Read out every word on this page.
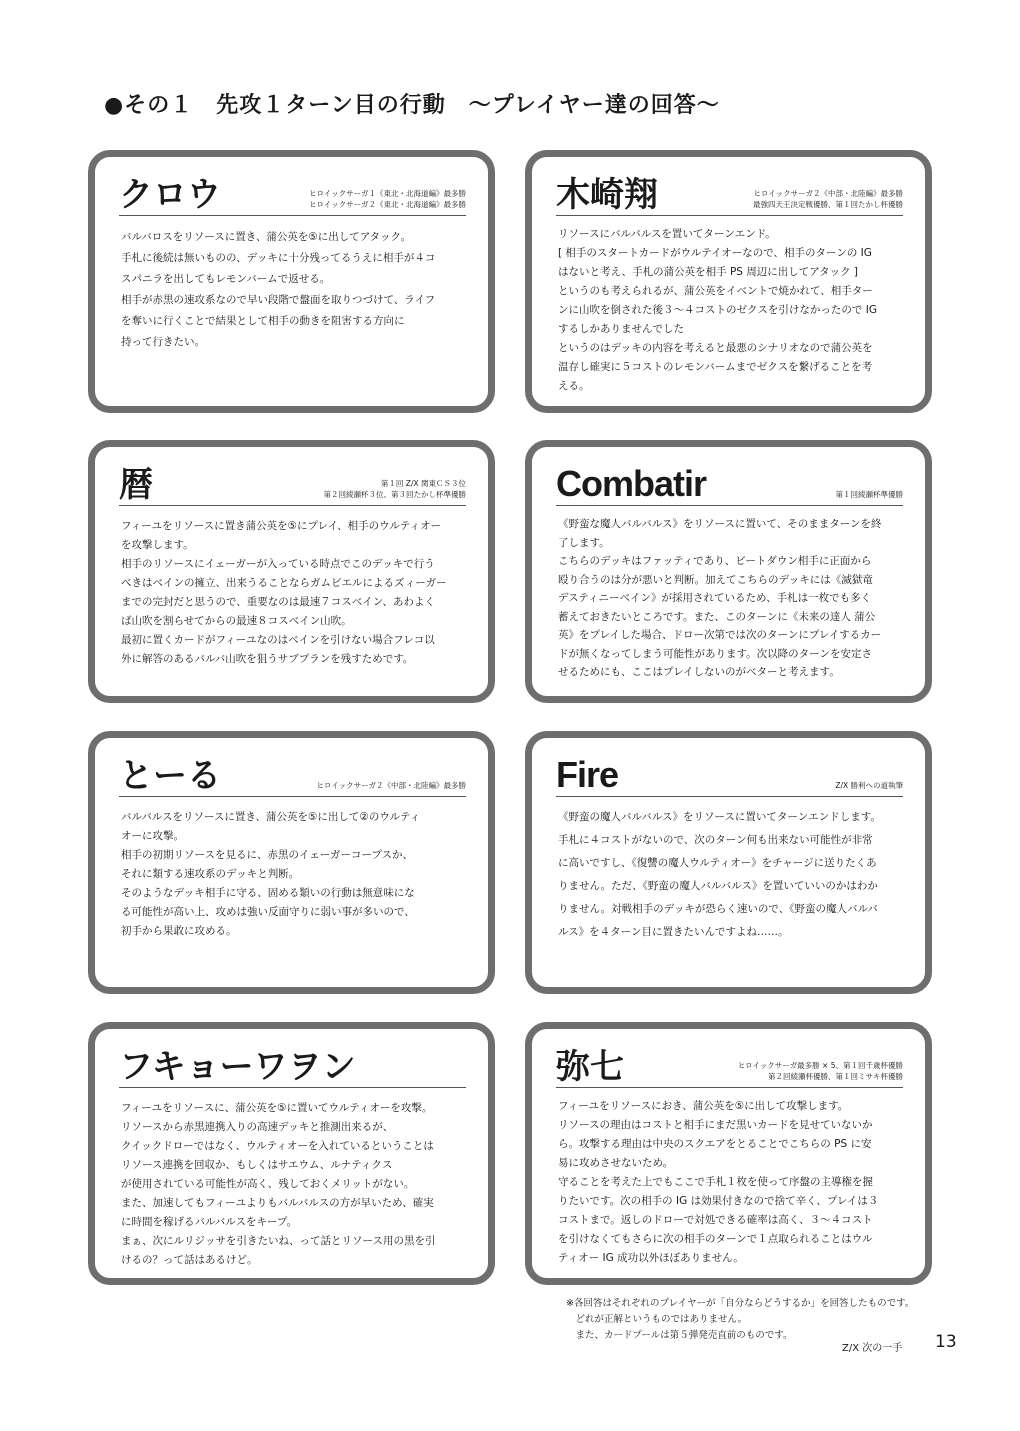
●その１　先攻１ターン目の行動　～プレイヤー達の回答～
クロウ	ヒロイックサーガ１《東北・北海道編》最多勝
ヒロイックサーガ２《東北・北海道編》最多勝
バルバロスをリソースに置き、蒲公英を⑤に出してアタック。
手札に後続は無いものの、デッキに十分残ってるうえに相手が４コ
スパニラを出してもレモンバームで返せる。
相手が赤黒の速攻系なので早い段階で盤面を取りつづけて、ライフ
を奪いに行くことで結果として相手の動きを阻害する方向に
持って行きたい。
木崎翔	ヒロイックサーガ２《中部・北陸編》最多勝
最強四天王決定戦優勝、第１回たかし杯優勝
リソースにバルバルスを置いてターンエンド。
[ 相手のスタートカードがウルテイオーなので、相手のターンの IG
はないと考え、手札の蒲公英を相手 PS 周辺に出してアタック ]
というのも考えられるが、蒲公英をイベントで焼かれて、相手ター
ンに山吹を倒された後３～４コストのゼクスを引けなかったので IG
するしかありませんでした
というのはデッキの内容を考えると最悪のシナリオなので蒲公英を
温存し確実に５コストのレモンバームまでゼクスを繋げることを考
える。
暦	第１回 Z/X 関東ＣＳ３位
第２回綾瀬杯３位、第３回たかし杯準優勝
フィーユをリソースに置き蒲公英を⑤にプレイ、相手のウルティオー
を攻撃します。
相手のリソースにイェーガーが入っている時点でこのデッキで行う
べきはベインの擁立、出来うることならガムビエルによるズィーガー
までの完封だと思うので、重要なのは最速７コスベイン、あわよく
ば山吹を割らせてからの最速８コスベイン山吹。
最初に置くカードがフィーユなのはベインを引けない場合フレコ以
外に解答のあるバルバ山吹を狙うサブプランを残すためです。
Combatir	第１回綾瀬杯準優勝
《野蛮な魔人バルバルス》をリソースに置いて、そのままターンを終
了します。
こちらのデッキはファッティであり、ビートダウン相手に正面から
殴り合うのは分が悪いと判断。加えてこちらのデッキには《滅獄竜
デスティニーベイン》が採用されているため、手札は一枚でも多く
蓄えておきたいところです。また、このターンに《未来の達人 蒲公
英》をプレイした場合、ドロー次第では次のターンにプレイするカー
ドが無くなってしまう可能性があります。次以降のターンを安定さ
せるためにも、ここはプレイしないのがベターと考えます。
とーる	ヒロイックサーガ２《中部・北陸編》最多勝
バルバルスをリソースに置き、蒲公英を⑤に出して②のウルティ
オーに攻撃。
相手の初期リソースを見るに、赤黒のイェーガーコープスか、
それに類する速攻系のデッキと判断。
そのようなデッキ相手に守る、固める類いの行動は無意味にな
る可能性が高い上、攻めは強い反面守りに弱い事が多いので、
初手から果敢に攻める。
Fire	Z/X 勝利への道執筆
《野蛮の魔人バルバルス》をリソースに置いてターンエンドします。
手札に４コストがないので、次のターン何も出来ない可能性が非常
に高いですし、《復讐の魔人ウルティオー》をチャージに送りたくあ
りません。ただ、《野蛮の魔人バルバルス》を置いていいのかはわか
りません。対戦相手のデッキが恐らく速いので、《野蛮の魔人バルバ
ルス》を４ターン目に置きたいんですよね……。
フキョーワヲン
フィーユをリソースに、蒲公英を⑤に置いてウルティオーを攻撃。
リソースから赤黒連携入りの高速デッキと推測出来るが、
クイックドローではなく、ウルティオーを入れているということは
リソース連携を回収か、もしくはサエウム、ルナティクス
が使用されている可能性が高く、残しておくメリットがない。
また、加速してもフィーユよりもバルバルスの方が早いため、確実
に時間を稼げるバルバルスをキープ。
まぁ、次にルリジッサを引きたいね、って話とリソース用の黒を引
けるの？って話はあるけど。
弥七	ヒロイックサーガ最多勝 × 5、第１回千歳杯優勝
第２回綾瀬杯優勝、第１回ミサキ杯優勝
フィーユをリソースにおき、蒲公英を⑤に出して攻撃します。
リソースの理由はコストと相手にまだ黒いカードを見せていないか
ら。攻撃する理由は中央のスクエアをとることでこちらの PS に安
易に攻めさせないため。
守ることを考えた上でもここで手札１枚を使って序盤の主導権を握
りたいです。次の相手の IG は効果付きなので捨て辛く、プレイは３
コストまで。返しのドローで対処できる確率は高く、３～４コスト
を引けなくてもさらに次の相手のターンで１点取られることはウル
ティオー IG 成功以外ほぼありません。
※各回答はそれぞれのプレイヤーが「自分ならどうするか」を回答したものです。
　どれが正解というものではありません。
　また、カードプールは第５弾発売直前のものです。
Z/X 次の一手 13
